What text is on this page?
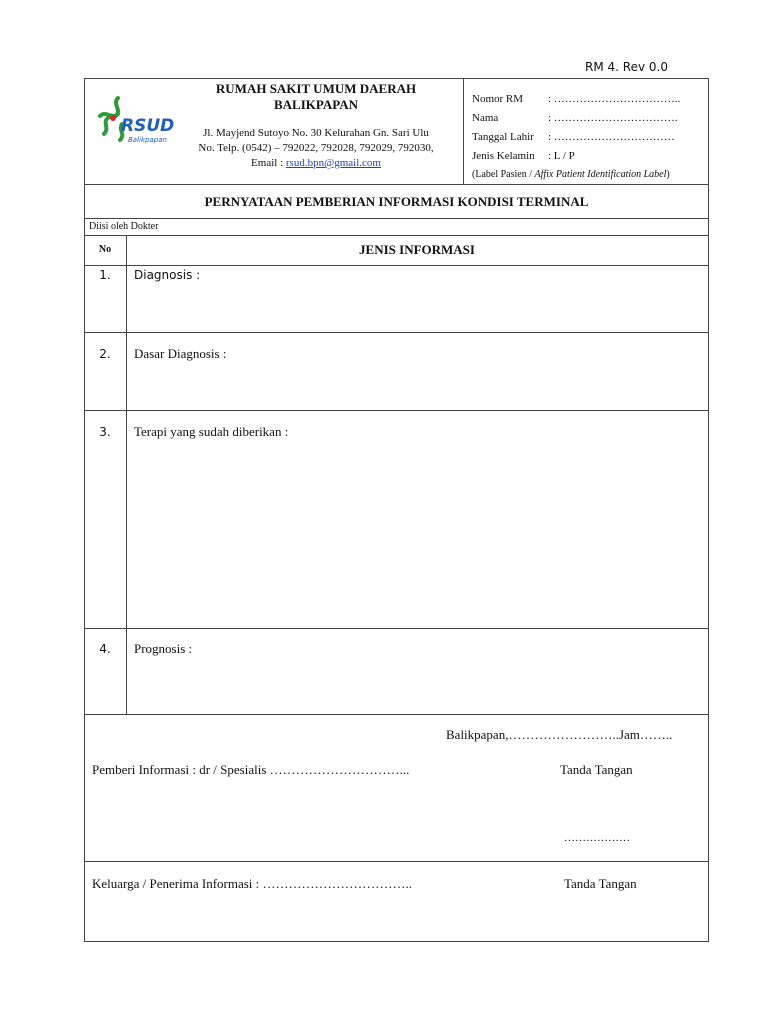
RM 4. Rev 0.0
RSUD
Balikpapan
RUMAH SAKIT UMUM DAERAH
BALIKPAPAN
Jl. Mayjend Sutoyo No. 30 Kelurahan Gn. Sari Ulu
No. Telp. (0542) – 792022, 792028, 792029, 792030,
Email : rsud.bpn@gmail.com
Nomor RM : ……………………………..
Nama	: …………………………….
Tanggal Lahir : ……………………………
Jenis Kelamin : L / P
(Label Pasien / Affix Patient Identification Label)
PERNYATAAN PEMBERIAN INFORMASI KONDISI TERMINAL
Diisi oleh Dokter
No	JENIS INFORMASI
1.	Diagnosis :
2.	Dasar Diagnosis :
3.	Terapi yang sudah diberikan :
4.	Prognosis :
Balikpapan,……………………..Jam……..
Pemberi Informasi : dr / Spesialis …………………………...	Tanda Tangan
………………
Keluarga / Penerima Informasi : ……………………………..	Tanda Tangan
